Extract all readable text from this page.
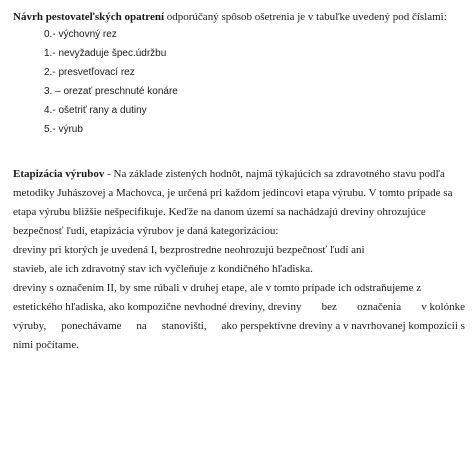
Návrh pestovateľských opatrení odporúčaný spôsob ošetrenia je v tabuľke uvedený pod číslami:
0.- výchovný rez
1.- nevyžaduje špec.údržbu
2.- presvetľovací rez
3. – orezať preschnuté konáre
4.- ošetriť rany a dutiny
5.- výrub
Etapizácia výrubov - Na základe zistených hodnôt, najmä týkajúcich sa zdravotného stavu podľa
metodiky Juhászovej a Machovca, je určená pri každom jedincovi etapa výrubu. V tomto prípade sa
etapa výrubu bližšie nešpecifikuje. Keďže na danom území sa nachádzajú dreviny ohrozujúce
bezpečnosť ľudí, etapizácia výrubov je daná kategorizáciou:
dreviny pri ktorých je uvedená I, bezprostredne neohrozujú bezpečnosť ľudí ani
stavieb, ale ich zdravotný stav ich vyčleňuje z kondičného hľadiska.
dreviny s označením II, by sme rúbali v druhej etape, ale v tomto prípade ich odstraňujeme z
estetického hľadiska, ako kompozične nevhodné dreviny, dreviny bez označenia v kolónke
výruby, ponechávame na stanovišti, ako perspektívne dreviny a v navrhovanej kompozícii s
nimi počítame.
